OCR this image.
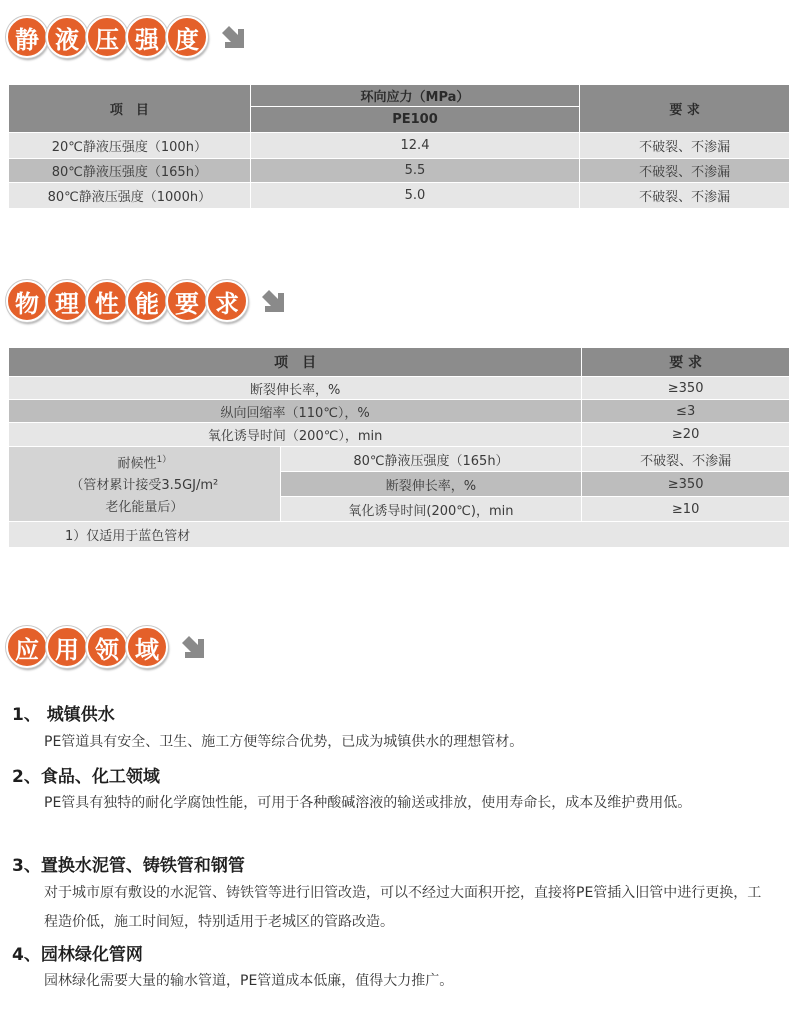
静 液 压 强 度
项　目	环向应力（MPa）	要 求
	PE100	
20℃静液压强度（100h）	12.4	不破裂、不渗漏
80℃静液压强度（165h）	5.5	不破裂、不渗漏
80℃静液压强度（1000h）	5.0	不破裂、不渗漏
物 理 性 能 要 求
项　目		要 求
断裂伸长率，%		≥350
纵向回缩率（110℃），%		≤3
氧化诱导时间（200℃），min		≥20

耐候性$^{1)}$
（管材累计接受3.5GJ/m²
老化能量后）	80℃静液压强度（165h）	不破裂、不渗漏
	断裂伸长率，%	≥350
	氧化诱导时间(200℃)，min	≥10
1）仅适用于蓝色管材		
应 用 领 域
1、 城镇供水
PE管道具有安全、卫生、施工方便等综合优势，已成为城镇供水的理想管材。
2、食品、化工领域
PE管具有独特的耐化学腐蚀性能，可用于各种酸碱溶液的输送或排放，使用寿命长，成本及维护费用低。
3、置换水泥管、铸铁管和钢管
对于城市原有敷设的水泥管、铸铁管等进行旧管改造，可以不经过大面积开挖，直接将PE管插入旧管中进行更换，工程造价低，施工时间短，特别适用于老城区的管路改造。
4、园林绿化管网
园林绿化需要大量的输水管道，PE管道成本低廉，值得大力推广。
